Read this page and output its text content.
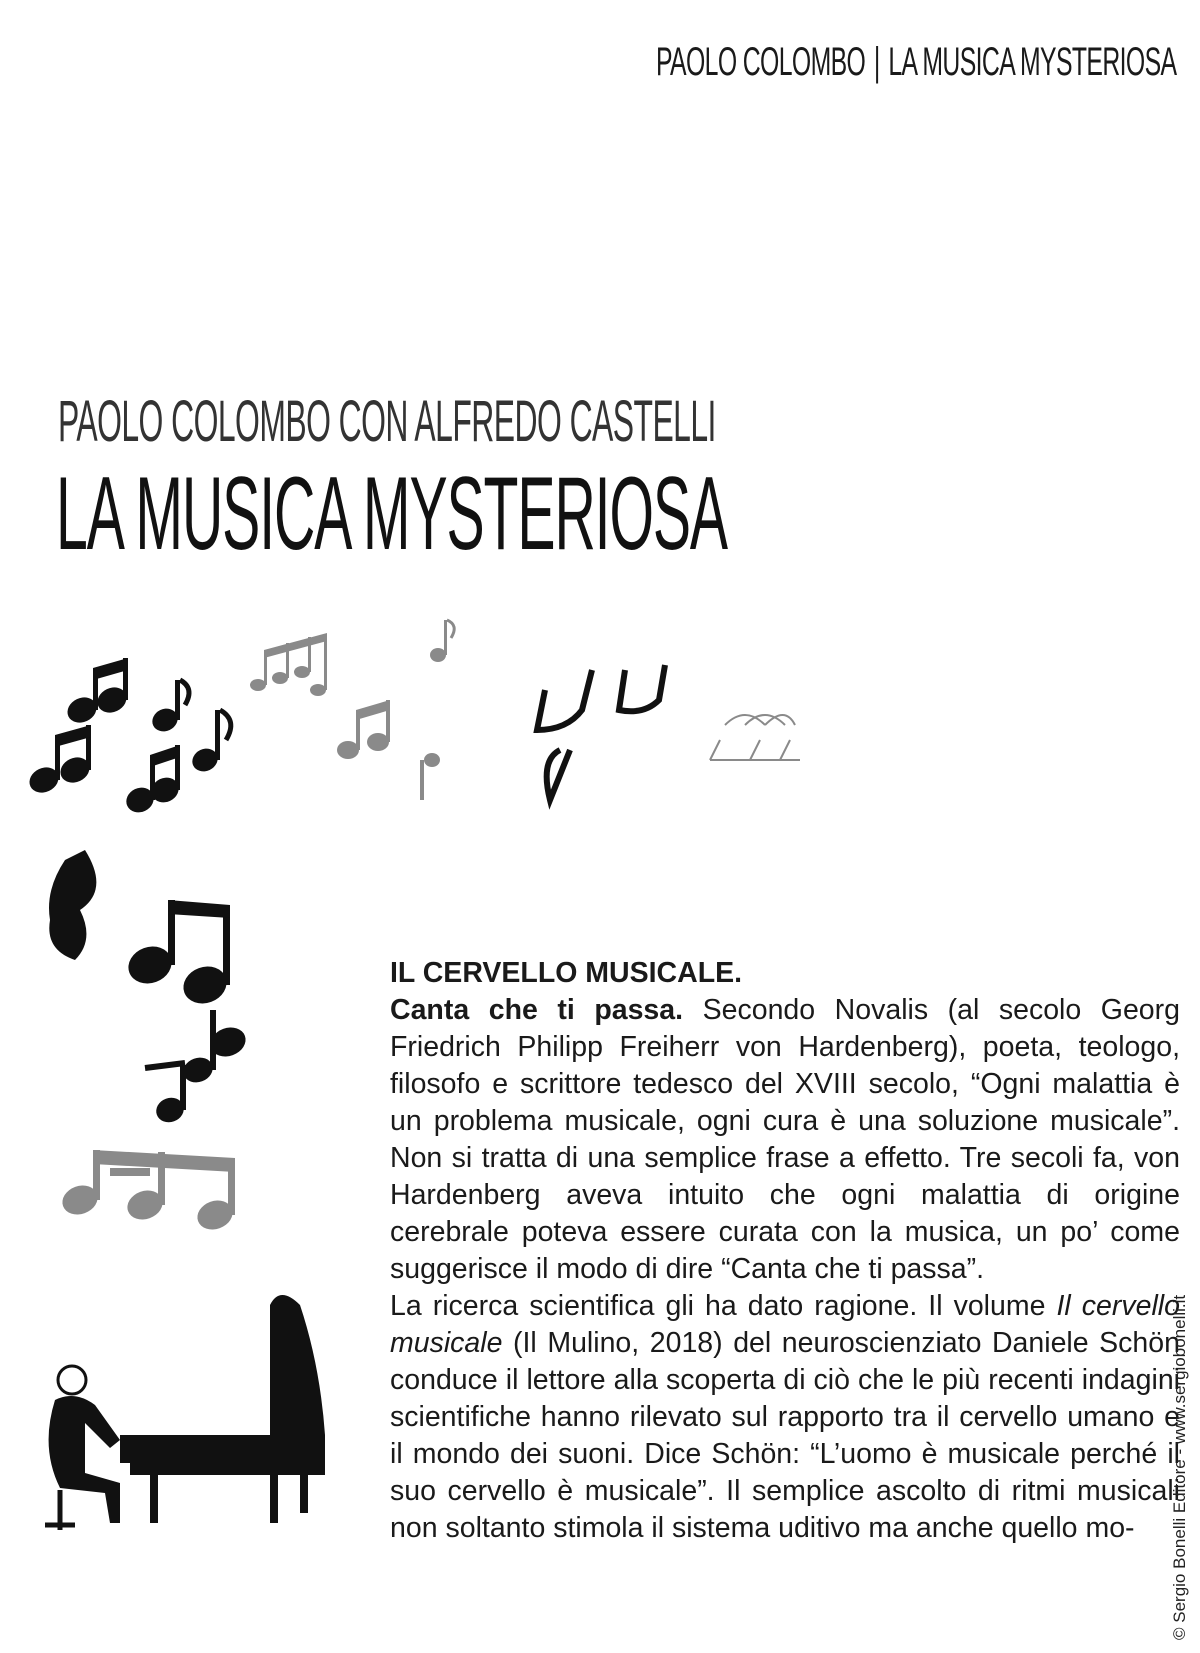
PAOLO COLOMBO | LA MUSICA MYSTERIOSA
PAOLO COLOMBO CON ALFREDO CASTELLI
LA MUSICA MYSTERIOSA
IL CERVELLO MUSICALE.

Canta che ti passa. Secondo Novalis (al secolo Georg Friedrich Philipp Freiherr von Hardenberg), poeta, teologo, filosofo e scrittore tedesco del XVIII secolo, “Ogni malattia è un problema musicale, ogni cura è una soluzione musicale”. Non si tratta di una semplice frase a effetto. Tre secoli fa, von Hardenberg aveva intuito che ogni malattia di origine cerebrale poteva essere curata con la musica, un po’ come suggerisce il modo di dire “Canta che ti passa”.

La ricerca scientifica gli ha dato ragione. Il volume Il cervello musicale (Il Mulino, 2018) del neuroscienziato Daniele Schön conduce il lettore alla scoperta di ciò che le più recenti indagini scientifiche hanno rilevato sul rapporto tra il cervello umano e il mondo dei suoni. Dice Schön: “L’uomo è musicale perché il suo cervello è musicale”. Il semplice ascolto di ritmi musicali non soltanto stimola il sistema uditivo ma anche quello mo-	© Sergio Bonelli Editore - www.sergiobonelli.it
